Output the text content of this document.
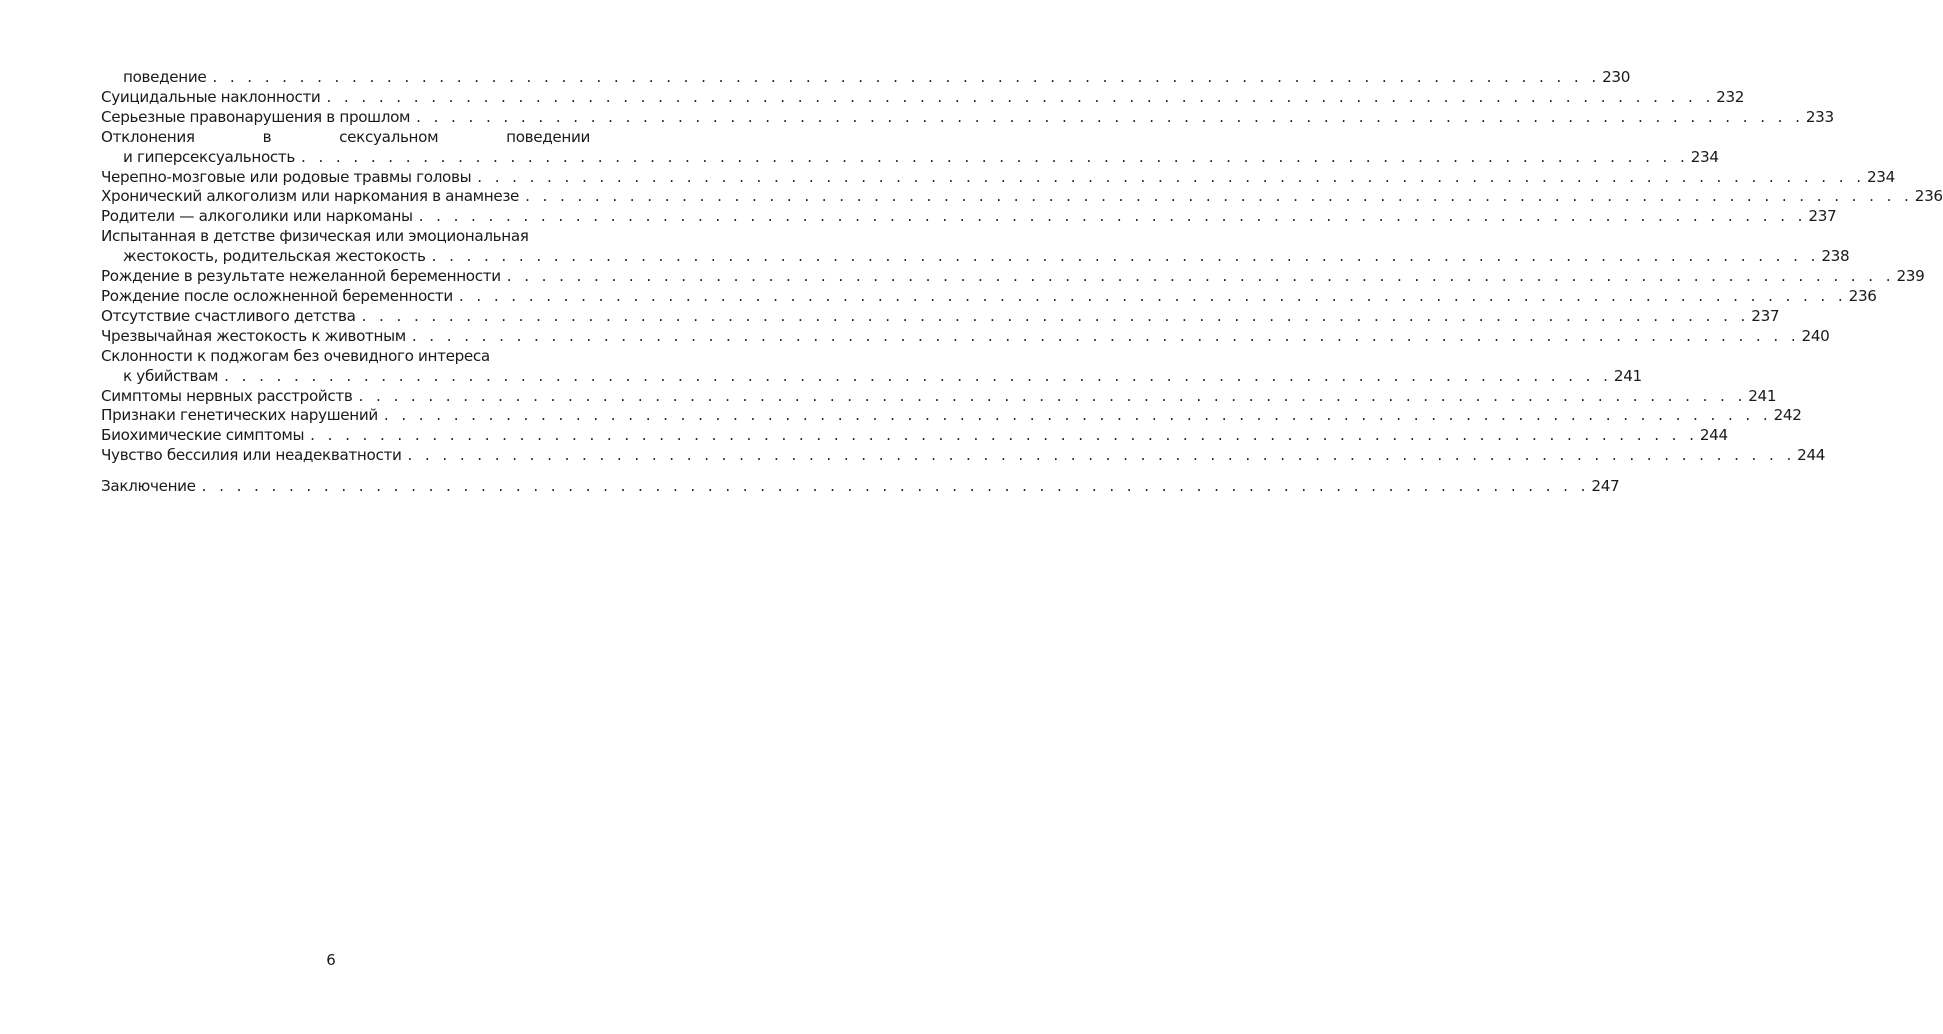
поведение . . . . . . . . . . . . . . . . . . . . . . . . . . . . . . . . . . . . . . . . . . . . . . . . . . . . . . . . . . . . . . . . . . . . . . . . . . . . . . . . 230
Суицидальные наклонности . . . . . . . . . . . . . . . . . . . . . . . . . . . . . . . . . . . . . . . . . . . . . . . . . . . . . . . . . . . . . . . . . . . . . . . . . . . . . . . . 232
Серьезные правонарушения в прошлом . . . . . . . . . . . . . . . . . . . . . . . . . . . . . . . . . . . . . . . . . . . . . . . . . . . . . . . . . . . . . . . . . . . . . . . . . . . . . . . . 233
Отклонения	в	сексуальном	поведении
и гиперсексуальность . . . . . . . . . . . . . . . . . . . . . . . . . . . . . . . . . . . . . . . . . . . . . . . . . . . . . . . . . . . . . . . . . . . . . . . . . . . . . . . . 234
Черепно-мозговые или родовые травмы головы . . . . . . . . . . . . . . . . . . . . . . . . . . . . . . . . . . . . . . . . . . . . . . . . . . . . . . . . . . . . . . . . . . . . . . . . . . . . . . . . 234
Хронический алкоголизм или наркомания в анамнезе . . . . . . . . . . . . . . . . . . . . . . . . . . . . . . . . . . . . . . . . . . . . . . . . . . . . . . . . . . . . . . . . . . . . . . . . . . . . . . . . 236
Родители — алкоголики или наркоманы . . . . . . . . . . . . . . . . . . . . . . . . . . . . . . . . . . . . . . . . . . . . . . . . . . . . . . . . . . . . . . . . . . . . . . . . . . . . . . . . 237
Испытанная в детстве физическая или эмоциональная
жестокость, родительская жестокость . . . . . . . . . . . . . . . . . . . . . . . . . . . . . . . . . . . . . . . . . . . . . . . . . . . . . . . . . . . . . . . . . . . . . . . . . . . . . . . . 238
Рождение в результате нежеланной беременности . . . . . . . . . . . . . . . . . . . . . . . . . . . . . . . . . . . . . . . . . . . . . . . . . . . . . . . . . . . . . . . . . . . . . . . . . . . . . . . . 239
Рождение после осложненной беременности . . . . . . . . . . . . . . . . . . . . . . . . . . . . . . . . . . . . . . . . . . . . . . . . . . . . . . . . . . . . . . . . . . . . . . . . . . . . . . . . 236
Отсутствие счастливого детства . . . . . . . . . . . . . . . . . . . . . . . . . . . . . . . . . . . . . . . . . . . . . . . . . . . . . . . . . . . . . . . . . . . . . . . . . . . . . . . . 237
Чрезвычайная жестокость к животным . . . . . . . . . . . . . . . . . . . . . . . . . . . . . . . . . . . . . . . . . . . . . . . . . . . . . . . . . . . . . . . . . . . . . . . . . . . . . . . . 240
Склонности к поджогам без очевидного интереса
к убийствам . . . . . . . . . . . . . . . . . . . . . . . . . . . . . . . . . . . . . . . . . . . . . . . . . . . . . . . . . . . . . . . . . . . . . . . . . . . . . . . . 241
Симптомы нервных расстройств . . . . . . . . . . . . . . . . . . . . . . . . . . . . . . . . . . . . . . . . . . . . . . . . . . . . . . . . . . . . . . . . . . . . . . . . . . . . . . . . 241
Признаки генетических нарушений . . . . . . . . . . . . . . . . . . . . . . . . . . . . . . . . . . . . . . . . . . . . . . . . . . . . . . . . . . . . . . . . . . . . . . . . . . . . . . . . 242
Биохимические симптомы . . . . . . . . . . . . . . . . . . . . . . . . . . . . . . . . . . . . . . . . . . . . . . . . . . . . . . . . . . . . . . . . . . . . . . . . . . . . . . . . 244
Чувство бессилия или неадекватности . . . . . . . . . . . . . . . . . . . . . . . . . . . . . . . . . . . . . . . . . . . . . . . . . . . . . . . . . . . . . . . . . . . . . . . . . . . . . . . . 244
Заключение . . . . . . . . . . . . . . . . . . . . . . . . . . . . . . . . . . . . . . . . . . . . . . . . . . . . . . . . . . . . . . . . . . . . . . . . . . . . . . . . 247
6
